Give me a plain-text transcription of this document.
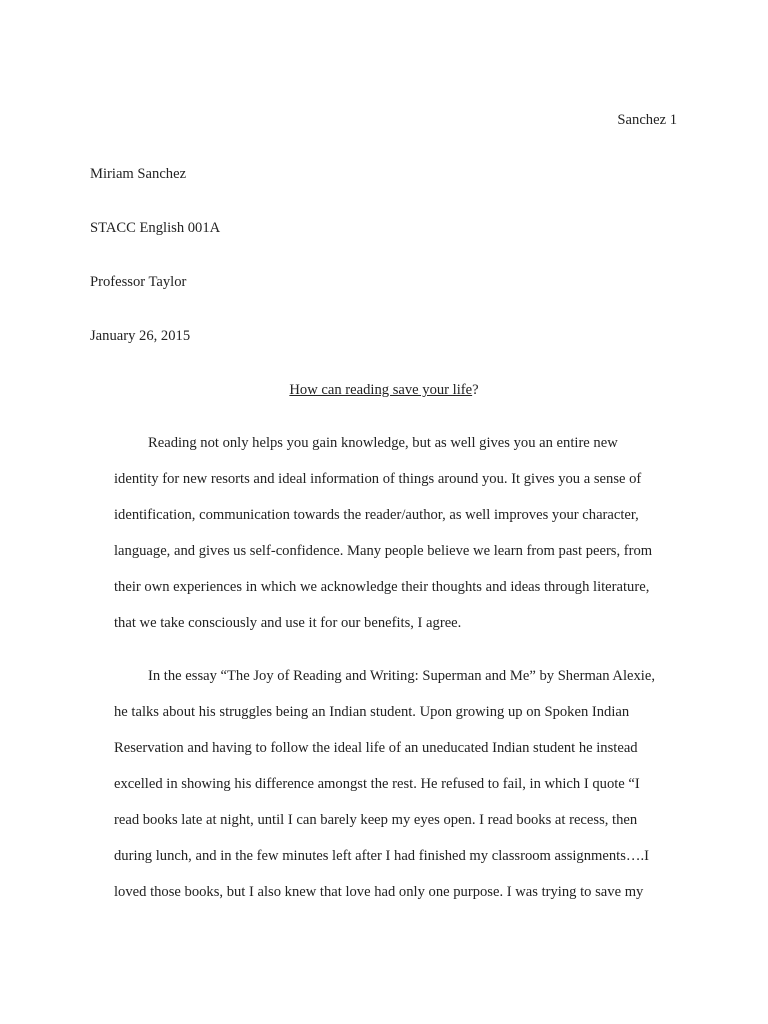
Sanchez 1
Miriam Sanchez
STACC English 001A
Professor Taylor
January 26, 2015
How can reading save your life?
Reading not only helps you gain knowledge, but as well gives you an entire new
identity for new resorts and ideal information of things around you. It gives you a sense of
identification, communication towards the reader/author, as well improves your character,
language, and gives us self-confidence. Many people believe we learn from past peers, from
their own experiences in which we acknowledge their thoughts and ideas through literature,
that we take consciously and use it for our benefits, I agree.
In the essay “The Joy of Reading and Writing: Superman and Me” by Sherman Alexie,
he talks about his struggles being an Indian student. Upon growing up on Spoken Indian
Reservation and having to follow the ideal life of an uneducated Indian student he instead
excelled in showing his difference amongst the rest. He refused to fail, in which I quote “I
read books late at night, until I can barely keep my eyes open. I read books at recess, then
during lunch, and in the few minutes left after I had finished my classroom assignments….I
loved those books, but I also knew that love had only one purpose. I was trying to save my
